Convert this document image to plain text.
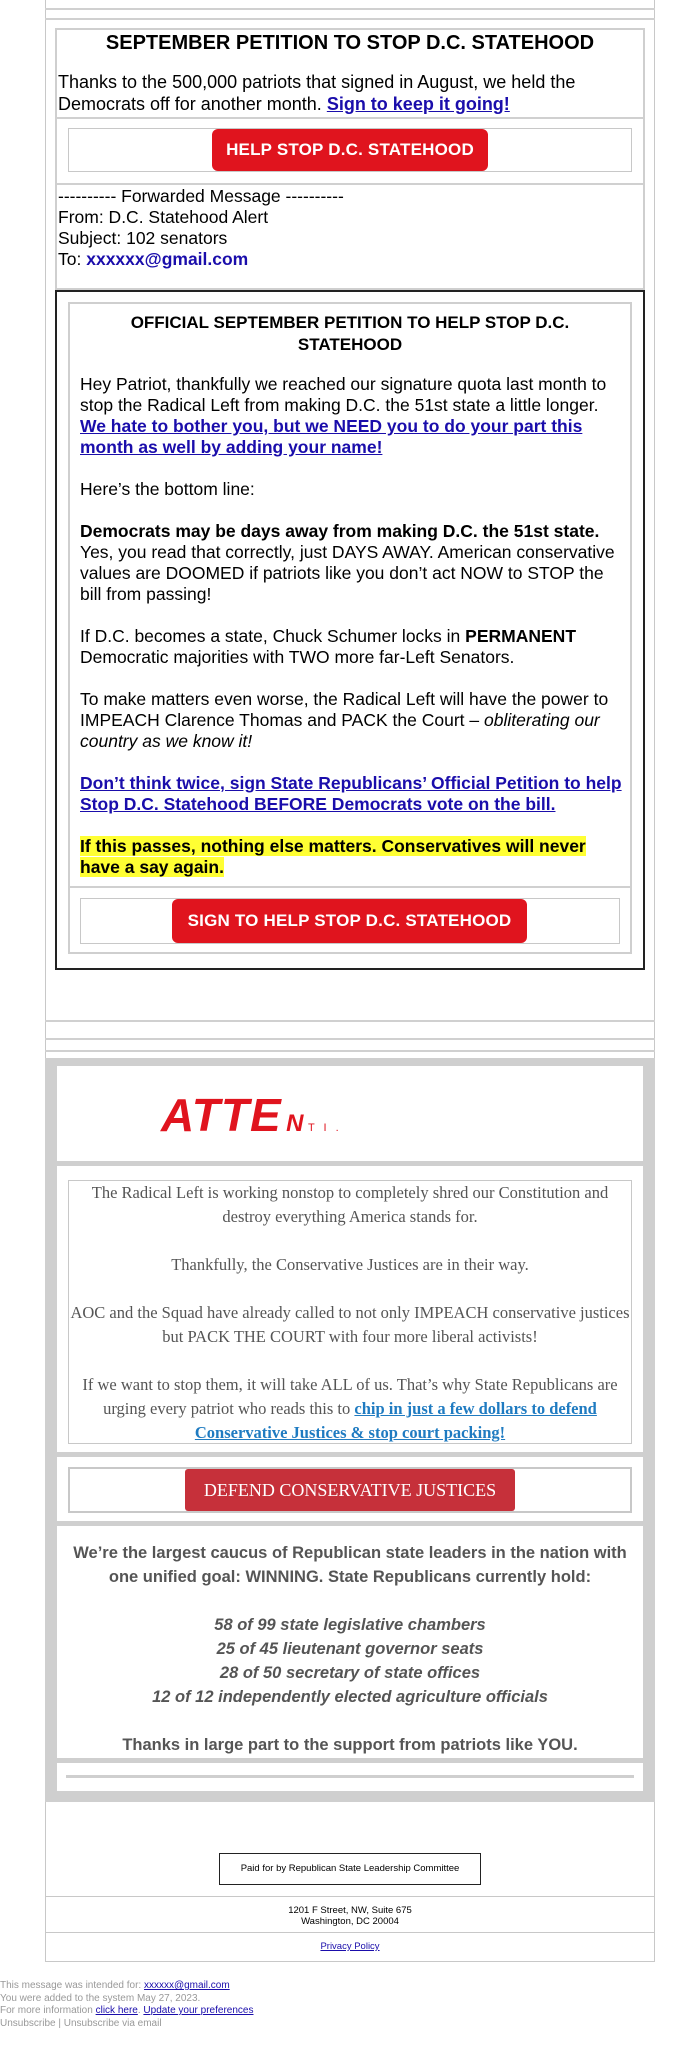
SEPTEMBER PETITION TO STOP D.C. STATEHOOD
Thanks to the 500,000 patriots that signed in August, we held the Democrats off for another month. Sign to keep it going!
HELP STOP D.C. STATEHOOD
---------- Forwarded Message ----------
From: D.C. Statehood Alert
Subject: 102 senators
To: xxxxxx@gmail.com
OFFICIAL SEPTEMBER PETITION TO HELP STOP D.C. STATEHOOD
Hey Patriot, thankfully we reached our signature quota last month to stop the Radical Left from making D.C. the 51st state a little longer. We hate to bother you, but we NEED you to do your part this month as well by adding your name!
Here’s the bottom line:
Democrats may be days away from making D.C. the 51st state. Yes, you read that correctly, just DAYS AWAY. American conservative values are DOOMED if patriots like you don’t act NOW to STOP the bill from passing!
If D.C. becomes a state, Chuck Schumer locks in PERMANENT Democratic majorities with TWO more far-Left Senators.
To make matters even worse, the Radical Left will have the power to IMPEACH Clarence Thomas and PACK the Court – obliterating our country as we know it!
Don’t think twice, sign State Republicans’ Official Petition to help Stop D.C. Statehood BEFORE Democrats vote on the bill.
If this passes, nothing else matters. Conservatives will never have a say again.
SIGN TO HELP STOP D.C. STATEHOOD
ATTE N T I .
The Radical Left is working nonstop to completely shred our Constitution and destroy everything America stands for.
Thankfully, the Conservative Justices are in their way.
AOC and the Squad have already called to not only IMPEACH conservative justices but PACK THE COURT with four more liberal activists!
If we want to stop them, it will take ALL of us. That’s why State Republicans are urging every patriot who reads this to chip in just a few dollars to defend Conservative Justices & stop court packing!
DEFEND CONSERVATIVE JUSTICES
We’re the largest caucus of Republican state leaders in the nation with one unified goal: WINNING. State Republicans currently hold:
58 of 99 state legislative chambers
25 of 45 lieutenant governor seats
28 of 50 secretary of state offices
12 of 12 independently elected agriculture officials
Thanks in large part to the support from patriots like YOU.
Paid for by Republican State Leadership Committee
1201 F Street, NW, Suite 675
Washington, DC 20004
Privacy Policy
This message was intended for: xxxxxx@gmail.com
You were added to the system May 27, 2023.
For more information click here. Update your preferences
Unsubscribe | Unsubscribe via email
